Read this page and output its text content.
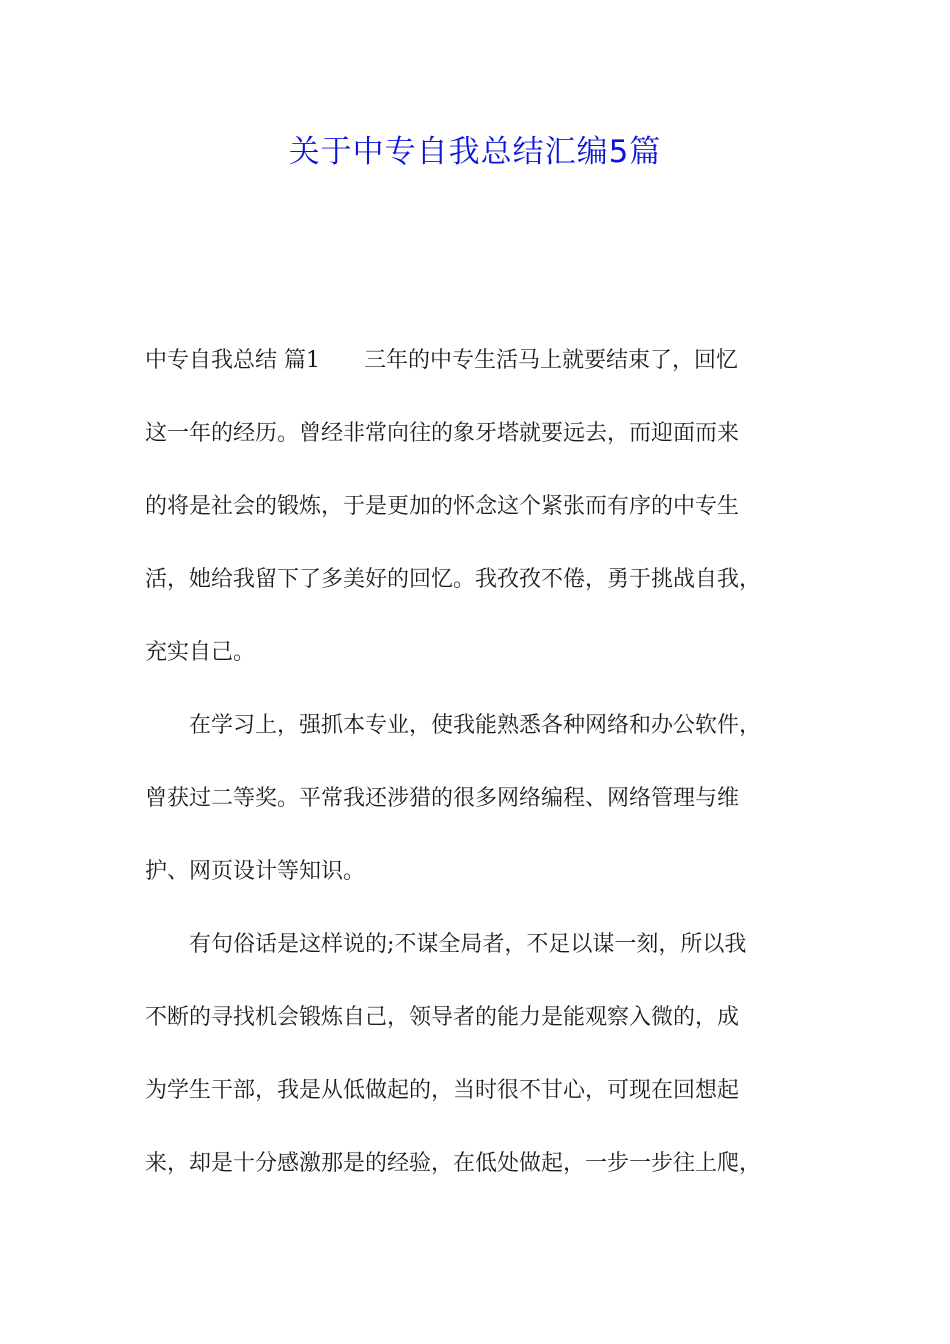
关于中专自我总结汇编5篇
中专自我总结 篇1　　三年的中专生活马上就要结束了，回忆
这一年的经历。曾经非常向往的象牙塔就要远去，而迎面而来
的将是社会的锻炼，于是更加的怀念这个紧张而有序的中专生
活，她给我留下了多美好的回忆。我孜孜不倦，勇于挑战自我，
充实自己。
　　在学习上，强抓本专业，使我能熟悉各种网络和办公软件，
曾获过二等奖。平常我还涉猎的很多网络编程、网络管理与维
护、网页设计等知识。
　　有句俗话是这样说的;不谋全局者，不足以谋一刻，所以我
不断的寻找机会锻炼自己，领导者的能力是能观察入微的，成
为学生干部，我是从低做起的，当时很不甘心，可现在回想起
来，却是十分感激那是的经验，在低处做起，一步一步往上爬，
